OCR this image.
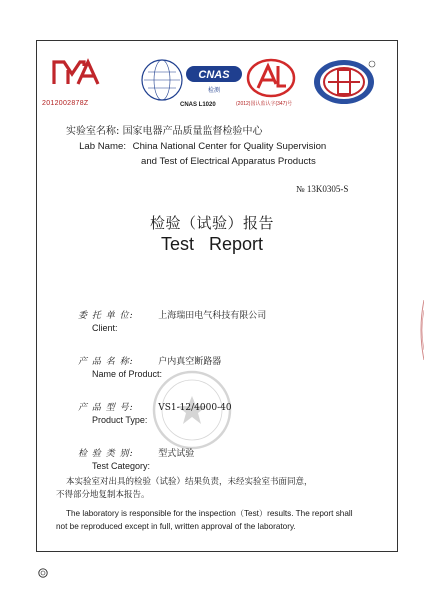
2012002878Z
CNAS
检测
CNAS L1020	(2012)国认监认字(347)号
实验室名称: 国家电器产品质量监督检验中心
Lab Name: China National Center for Quality Supervision
and Test of Electrical Apparatus Products
№ 13K0305-S
检验（试验）报告
Test Report
委 托 单 位:	上海瑞田电气科技有限公司
Client:
产 品 名 称:	户内真空断路器
Name of Product:
产 品 型 号:	VS1-12/4000-40
Product Type:
检 验 类 别:	型式试验
Test Category:
本实验室对出具的检验（试验）结果负责，未经实验室书面同意，
不得部分地复制本报告。
The laboratory is responsible for the inspection（Test）results. The report shall
not be reproduced except in full, written approval of the laboratory.
